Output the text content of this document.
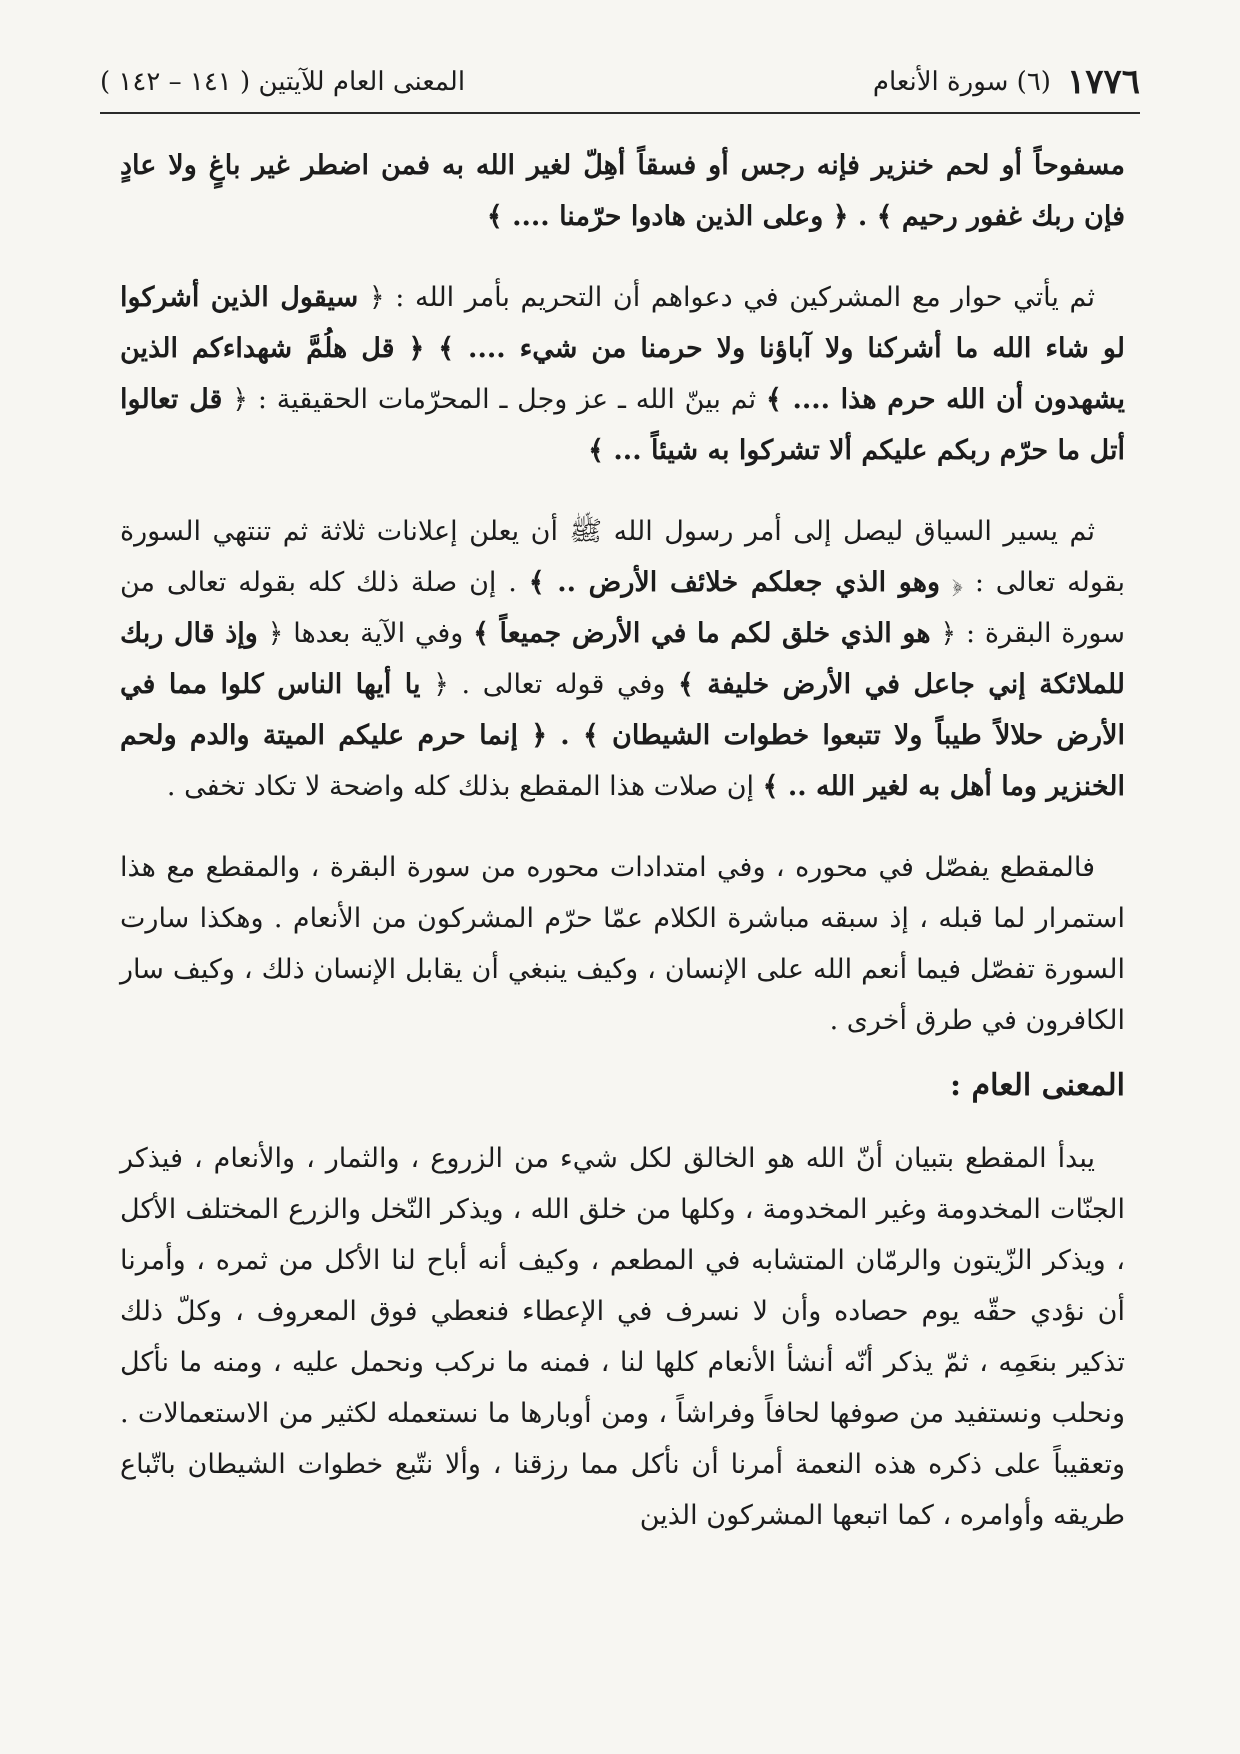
١٧٧٦
(٦) سورة الأنعام
المعنى العام للآيتين ( ١٤١ – ١٤٢ )

مسفوحاً أو لحم خنزير فإنه رجس أو فسقاً أهِلّ لغير الله به فمن اضطر غير باغٍ ولا عادٍ فإن ربك غفور رحيم ﴾ . ﴿ وعلى الذين هادوا حرّمنا .... ﴾

ثم يأتي حوار مع المشركين في دعواهم أن التحريم بأمر الله : ﴿ سيقول الذين أشركوا لو شاء الله ما أشركنا ولا آباؤنا ولا حرمنا من شيء .... ﴾ ﴿ قل هلُمَّ شهداءكم الذين يشهدون أن الله حرم هذا .... ﴾ ثم بينّ الله ـ عز وجل ـ المحرّمات الحقيقية : ﴿ قل تعالوا أتل ما حرّم ربكم عليكم ألا تشركوا به شيئاً ... ﴾

ثم يسير السياق ليصل إلى أمر رسول الله ﷺ أن يعلن إعلانات ثلاثة ثم تنتهي السورة بقوله تعالى : ﴿ وهو الذي جعلكم خلائف الأرض .. ﴾ . إن صلة ذلك كله بقوله تعالى من سورة البقرة : ﴿ هو الذي خلق لكم ما في الأرض جميعاً ﴾ وفي الآية بعدها ﴿ وإذ قال ربك للملائكة إني جاعل في الأرض خليفة ﴾ وفي قوله تعالى . ﴿ يا أيها الناس كلوا مما في الأرض حلالاً طيباً ولا تتبعوا خطوات الشيطان ﴾ . ﴿ إنما حرم عليكم الميتة والدم ولحم الخنزير وما أهل به لغير الله .. ﴾ إن صلات هذا المقطع بذلك كله واضحة لا تكاد تخفى .

فالمقطع يفصّل في محوره ، وفي امتدادات محوره من سورة البقرة ، والمقطع مع هذا استمرار لما قبله ، إذ سبقه مباشرة الكلام عمّا حرّم المشركون من الأنعام . وهكذا سارت السورة تفصّل فيما أنعم الله على الإنسان ، وكيف ينبغي أن يقابل الإنسان ذلك ، وكيف سار الكافرون في طرق أخرى .

المعنى العام :

يبدأ المقطع بتبيان أنّ الله هو الخالق لكل شيء من الزروع ، والثمار ، والأنعام ، فيذكر الجنّات المخدومة وغير المخدومة ، وكلها من خلق الله ، ويذكر النّخل والزرع المختلف الأكل ، ويذكر الزّيتون والرمّان المتشابه في المطعم ، وكيف أنه أباح لنا الأكل من ثمره ، وأمرنا أن نؤدي حقّه يوم حصاده وأن لا نسرف في الإعطاء فنعطي فوق المعروف ، وكلّ ذلك تذكير بنعَمِه ، ثمّ يذكر أنّه أنشأ الأنعام كلها لنا ، فمنه ما نركب ونحمل عليه ، ومنه ما نأكل ونحلب ونستفيد من صوفها لحافاً وفراشاً ، ومن أوبارها ما نستعمله لكثير من الاستعمالات . وتعقيباً على ذكره هذه النعمة أمرنا أن نأكل مما رزقنا ، وألا نتّبع خطوات الشيطان باتّباع طريقه وأوامره ، كما اتبعها المشركون الذين
